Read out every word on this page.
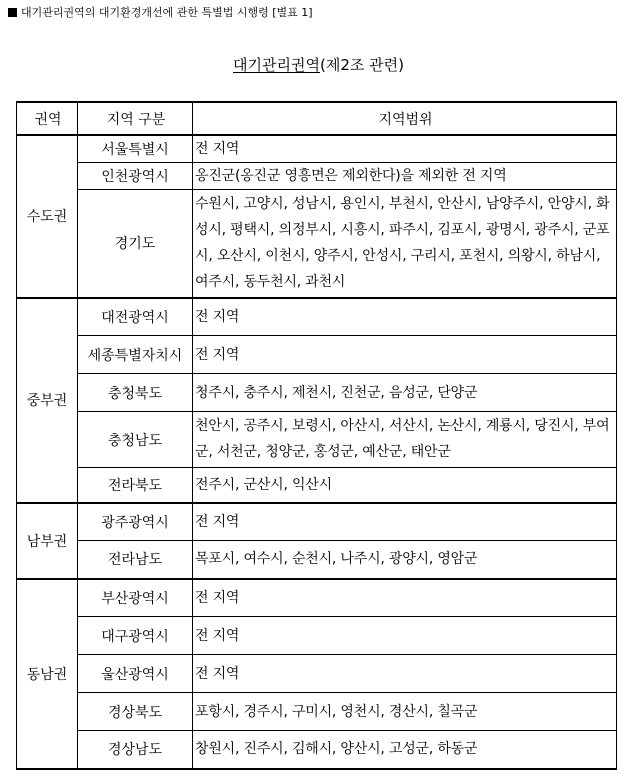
대기관리권역의 대기환경개선에 관한 특별법 시행령 [별표 1]
대기관리권역(제2조 관련)
권역	지역 구분	지역범위
수도권	서울특별시	전 지역
	인천광역시	옹진군(옹진군 영흥면은 제외한다)을 제외한 전 지역
	경기도	수원시, 고양시, 성남시, 용인시, 부천시, 안산시, 남양주시, 안양시, 화성시, 평택시, 의정부시, 시흥시, 파주시, 김포시, 광명시, 광주시, 군포시, 오산시, 이천시, 양주시, 안성시, 구리시, 포천시, 의왕시, 하남시, 여주시, 동두천시, 과천시
중부권	대전광역시	전 지역
	세종특별자치시	전 지역
	충청북도	청주시, 충주시, 제천시, 진천군, 음성군, 단양군
	충청남도	천안시, 공주시, 보령시, 아산시, 서산시, 논산시, 계룡시, 당진시, 부여군, 서천군, 청양군, 홍성군, 예산군, 태안군
	전라북도	전주시, 군산시, 익산시
남부권	광주광역시	전 지역
	전라남도	목포시, 여수시, 순천시, 나주시, 광양시, 영암군
동남권	부산광역시	전 지역
	대구광역시	전 지역
	울산광역시	전 지역
	경상북도	포항시, 경주시, 구미시, 영천시, 경산시, 칠곡군
	경상남도	창원시, 진주시, 김해시, 양산시, 고성군, 하동군
